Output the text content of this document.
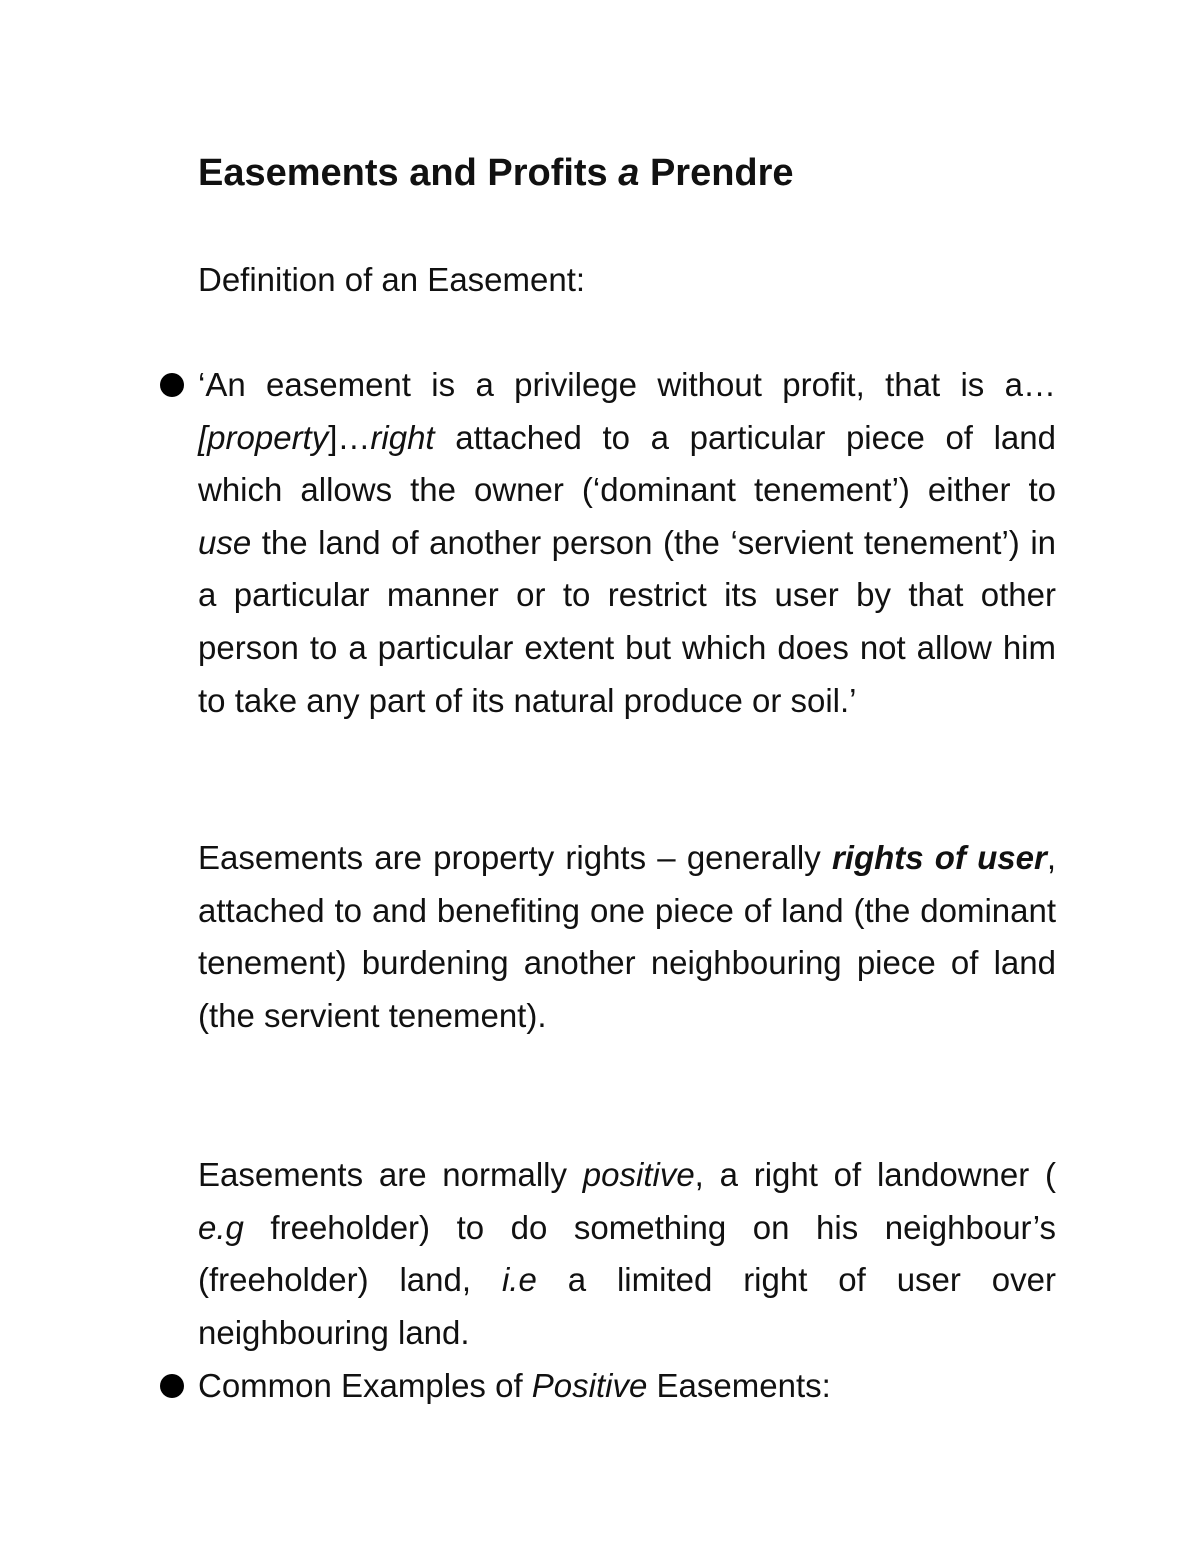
Easements and Profits a Prendre
Definition of an Easement:
‘An easement is a privilege without profit, that is a… [property]…right attached to a particular piece of land which allows the owner (‘dominant tenement’) either to use the land of another person (the ‘servient tenement’) in a particular manner or to restrict its user by that other person to a particular extent but which does not allow him to take any part of its natural produce or soil.’
Easements are property rights – generally rights of user, attached to and benefiting one piece of land (the dominant tenement) burdening another neighbouring piece of land (the servient tenement).
Easements are normally positive, a right of landowner ( e.g freeholder) to do something on his neighbour’s (freeholder) land, i.e a limited right of user over neighbouring land.
Common Examples of Positive Easements:
